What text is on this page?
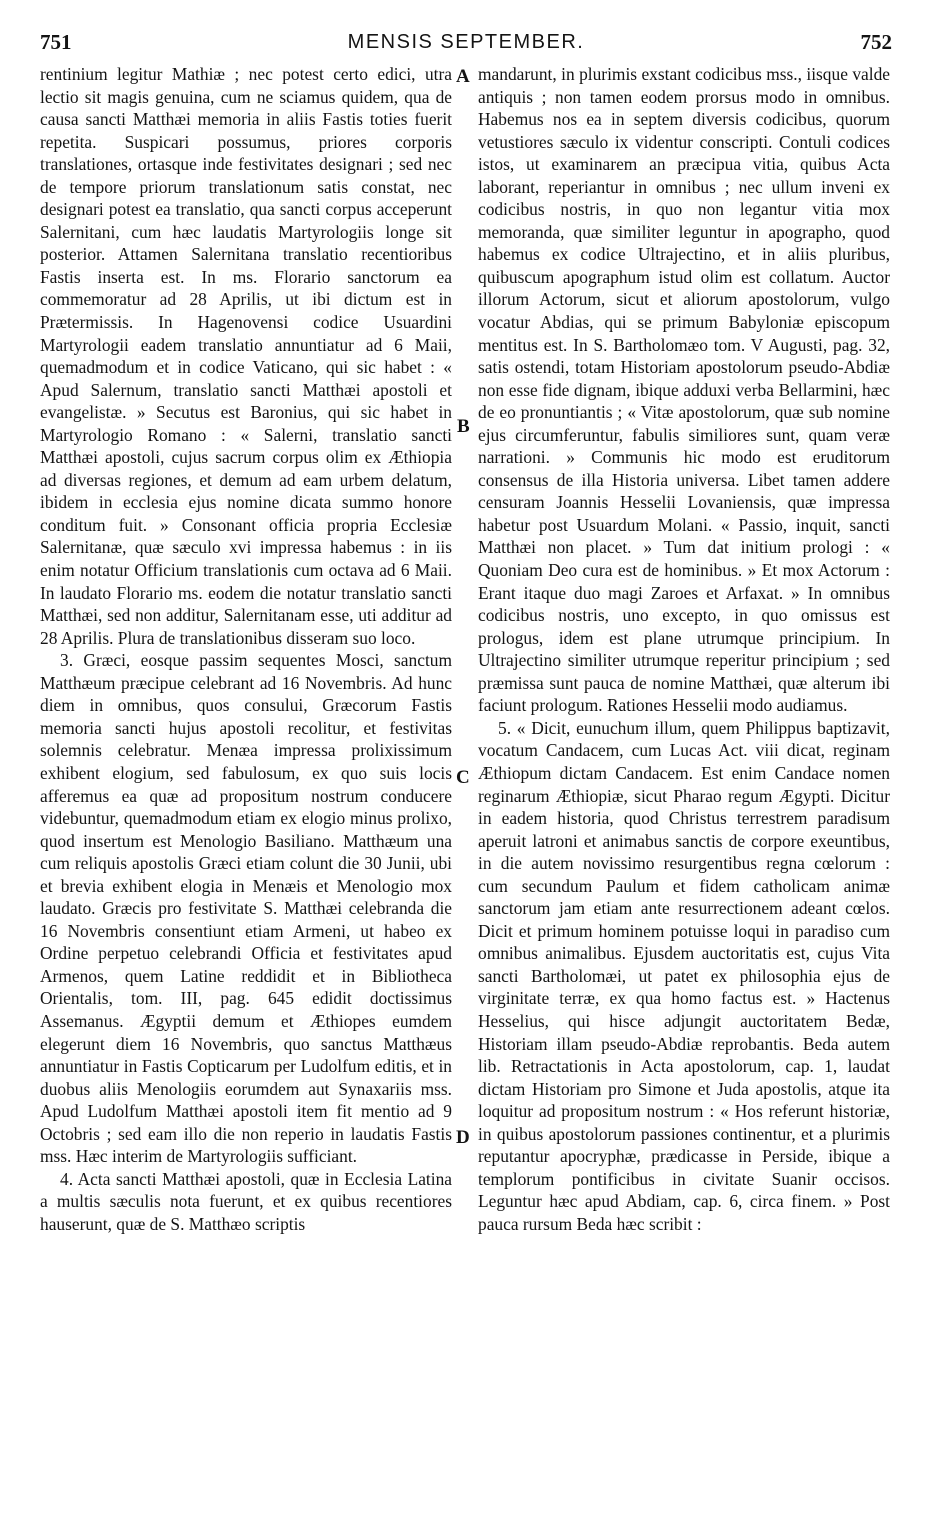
751	MENSIS SEPTEMBER.	752

rentinium legitur Mathiæ ; nec potest certo edici, utra lectio sit magis genuina, cum ne sciamus quidem, qua de causa sancti Matthæi memoria in aliis Fastis toties fuerit repetita. Suspicari possumus, priores corporis translationes, ortasque inde festivitates designari ; sed nec de tempore priorum translationum satis constat, nec designari potest ea translatio, qua sancti corpus acceperunt Salernitani, cum hæc laudatis Martyrologiis longe sit posterior. Attamen Salernitana translatio recentioribus Fastis inserta est. In ms. Florario sanctorum ea commemoratur ad 28 Aprilis, ut ibi dictum est in Prætermissis. In Hagenovensi codice Usuardini Martyrologii eadem translatio annuntiatur ad 6 Maii, quemadmodum et in codice Vaticano, qui sic habet : « Apud Salernum, translatio sancti Matthæi apostoli et evangelistæ. » Secutus est Baronius, qui sic habet in Martyrologio Romano : « Salerni, translatio sancti Matthæi apostoli, cujus sacrum corpus olim ex Æthiopia ad diversas regiones, et demum ad eam urbem delatum, ibidem in ecclesia ejus nomine dicata summo honore conditum fuit. » Consonant officia propria Ecclesiæ Salernitanæ, quæ sæculo xvi impressa habemus : in iis enim notatur Officium translationis cum octava ad 6 Maii. In laudato Florario ms. eodem die notatur translatio sancti Matthæi, sed non additur, Salernitanam esse, uti additur ad 28 Aprilis. Plura de translationibus disseram suo loco.

3. Græci, eosque passim sequentes Mosci, sanctum Matthæum præcipue celebrant ad 16 Novembris. Ad hunc diem in omnibus, quos consului, Græcorum Fastis memoria sancti hujus apostoli recolitur, et festivitas solemnis celebratur. Menæa impressa prolixissimum exhibent elogium, sed fabulosum, ex quo suis locis afferemus ea quæ ad propositum nostrum conducere videbuntur, quemadmodum etiam ex elogio minus prolixo, quod insertum est Menologio Basiliano. Matthæum una cum reliquis apostolis Græci etiam colunt die 30 Junii, ubi et brevia exhibent elogia in Menæis et Menologio mox laudato. Græcis pro festivitate S. Matthæi celebranda die 16 Novembris consentiunt etiam Armeni, ut habeo ex Ordine perpetuo celebrandi Officia et festivitates apud Armenos, quem Latine reddidit et in Bibliotheca Orientalis, tom. III, pag. 645 edidit doctissimus Assemanus. Ægyptii demum et Æthiopes eumdem elegerunt diem 16 Novembris, quo sanctus Matthæus annuntiatur in Fastis Copticarum per Ludolfum editis, et in duobus aliis Menologiis eorumdem aut Synaxariis mss. Apud Ludolfum Matthæi apostoli item fit mentio ad 9 Octobris ; sed eam illo die non reperio in laudatis Fastis mss. Hæc interim de Martyrologiis sufficiant.

4. Acta sancti Matthæi apostoli, quæ in Ecclesia Latina a multis sæculis nota fuerunt, et ex quibus recentiores hauserunt, quæ de S. Matthæo scriptis

A
B
C
D

mandarunt, in plurimis exstant codicibus mss., iisque valde antiquis ; non tamen eodem prorsus modo in omnibus. Habemus nos ea in septem diversis codicibus, quorum vetustiores sæculo ix videntur conscripti. Contuli codices istos, ut examinarem an præcipua vitia, quibus Acta laborant, reperiantur in omnibus ; nec ullum inveni ex codicibus nostris, in quo non legantur vitia mox memoranda, quæ similiter leguntur in apographo, quod habemus ex codice Ultrajectino, et in aliis pluribus, quibuscum apographum istud olim est collatum. Auctor illorum Actorum, sicut et aliorum apostolorum, vulgo vocatur Abdias, qui se primum Babyloniæ episcopum mentitus est. In S. Bartholomæo tom. V Augusti, pag. 32, satis ostendi, totam Historiam apostolorum pseudo-Abdiæ non esse fide dignam, ibique adduxi verba Bellarmini, hæc de eo pronuntiantis ; « Vitæ apostolorum, quæ sub nomine ejus circumferuntur, fabulis similiores sunt, quam veræ narrationi. » Communis hic modo est eruditorum consensus de illa Historia universa. Libet tamen addere censuram Joannis Hesselii Lovaniensis, quæ impressa habetur post Usuardum Molani. « Passio, inquit, sancti Matthæi non placet. » Tum dat initium prologi : « Quoniam Deo cura est de hominibus. » Et mox Actorum : Erant itaque duo magi Zaroes et Arfaxat. » In omnibus codicibus nostris, uno excepto, in quo omissus est prologus, idem est plane utrumque principium. In Ultrajectino similiter utrumque reperitur principium ; sed præmissa sunt pauca de nomine Matthæi, quæ alterum ibi faciunt prologum. Rationes Hesselii modo audiamus.

5. « Dicit, eunuchum illum, quem Philippus baptizavit, vocatum Candacem, cum Lucas Act. viii dicat, reginam Æthiopum dictam Candacem. Est enim Candace nomen reginarum Æthiopiæ, sicut Pharao regum Ægypti. Dicitur in eadem historia, quod Christus terrestrem paradisum aperuit latroni et animabus sanctis de corpore exeuntibus, in die autem novissimo resurgentibus regna cœlorum : cum secundum Paulum et fidem catholicam animæ sanctorum jam etiam ante resurrectionem adeant cœlos. Dicit et primum hominem potuisse loqui in paradiso cum omnibus animalibus. Ejusdem auctoritatis est, cujus Vita sancti Bartholomæi, ut patet ex philosophia ejus de virginitate terræ, ex qua homo factus est. » Hactenus Hesselius, qui hisce adjungit auctoritatem Bedæ, Historiam illam pseudo-Abdiæ reprobantis. Beda autem lib. Retractationis in Acta apostolorum, cap. 1, laudat dictam Historiam pro Simone et Juda apostolis, atque ita loquitur ad propositum nostrum : « Hos referunt historiæ, in quibus apostolorum passiones continentur, et a plurimis reputantur apocryphæ, prædicasse in Perside, ibique a templorum pontificibus in civitate Suanir occisos. Leguntur hæc apud Abdiam, cap. 6, circa finem. » Post pauca rursum Beda hæc scribit :
